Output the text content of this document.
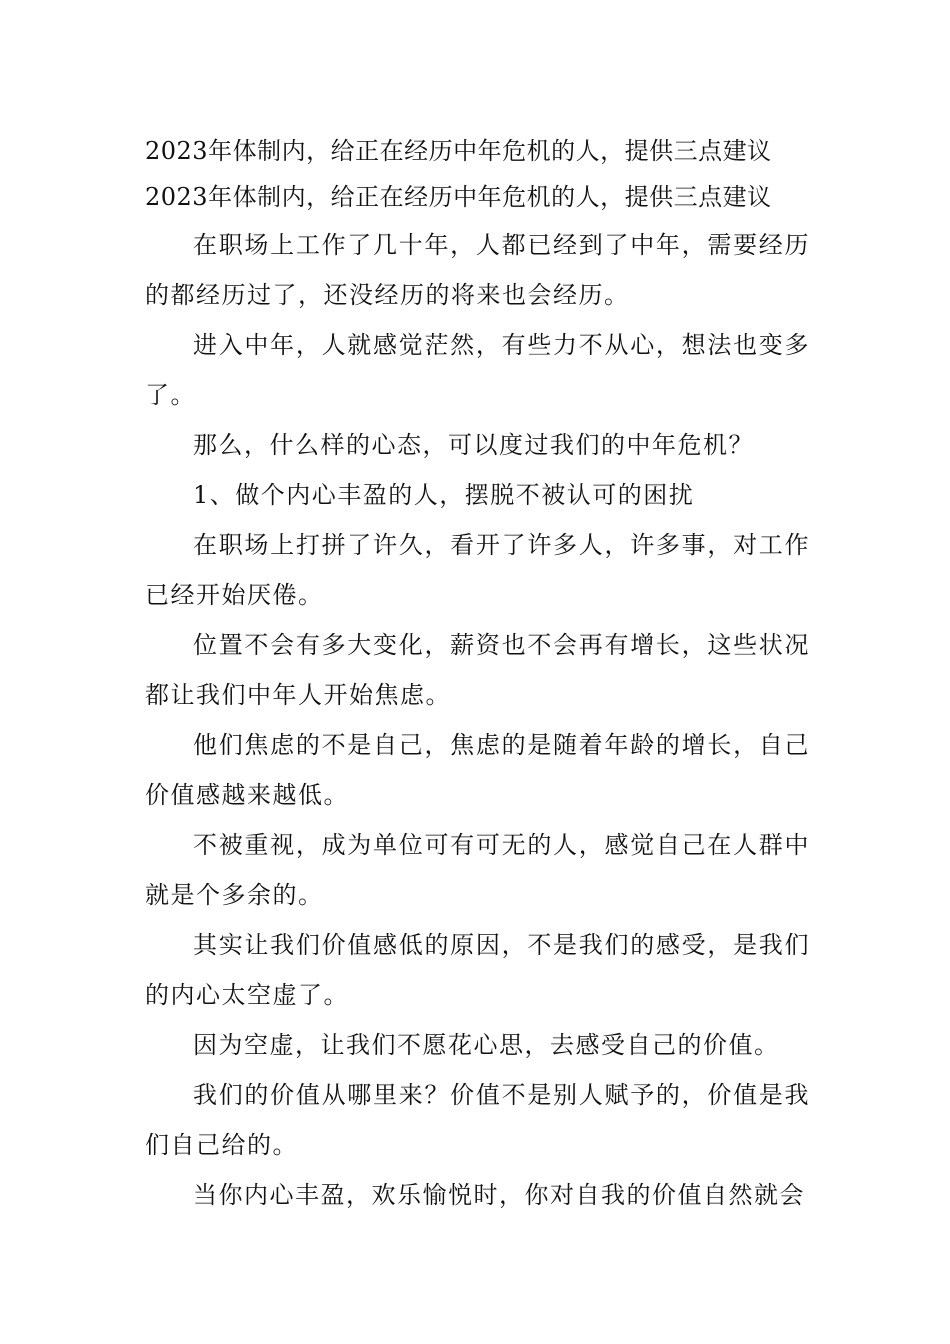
2023年体制内，给正在经历中年危机的人，提供三点建议

2023年体制内，给正在经历中年危机的人，提供三点建议

在职场上工作了几十年，人都已经到了中年，需要经历的都经历过了，还没经历的将来也会经历。

进入中年，人就感觉茫然，有些力不从心，想法也变多了。

那么，什么样的心态，可以度过我们的中年危机？

1、做个内心丰盈的人，摆脱不被认可的困扰

在职场上打拼了许久，看开了许多人，许多事，对工作已经开始厌倦。

位置不会有多大变化，薪资也不会再有增长，这些状况都让我们中年人开始焦虑。

他们焦虑的不是自己，焦虑的是随着年龄的增长，自己价值感越来越低。

不被重视，成为单位可有可无的人，感觉自己在人群中就是个多余的。

其实让我们价值感低的原因，不是我们的感受，是我们的内心太空虚了。

因为空虚，让我们不愿花心思，去感受自己的价值。

我们的价值从哪里来？价值不是别人赋予的，价值是我们自己给的。

当你内心丰盈，欢乐愉悦时，你对自我的价值自然就会
